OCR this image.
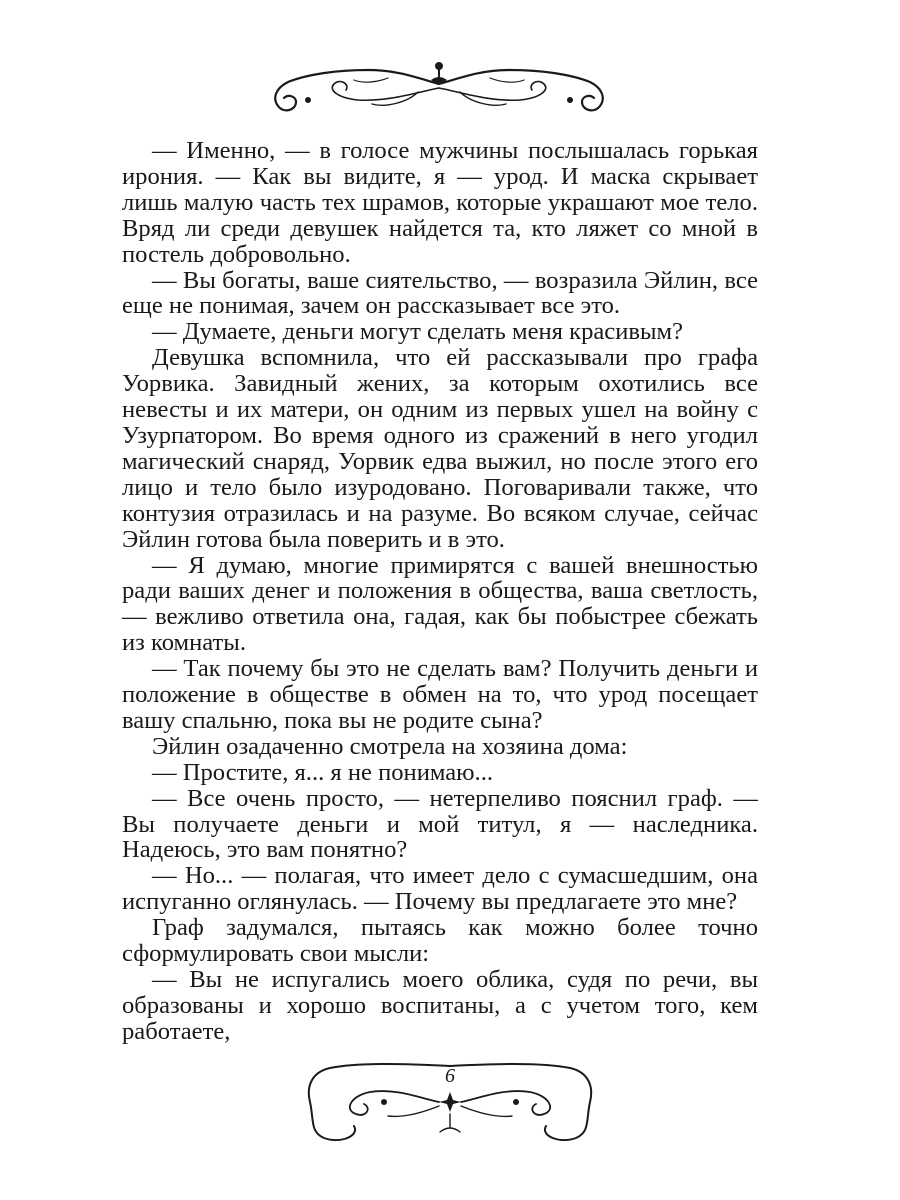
— Именно, — в голосе мужчины послышалась горькая ирония. — Как вы видите, я — урод. И маска скрывает лишь малую часть тех шрамов, которые украшают мое тело. Вряд ли среди девушек найдется та, кто ляжет со мной в постель добровольно.

— Вы богаты, ваше сиятельство, — возразила Эйлин, все еще не понимая, зачем он рассказывает все это.

— Думаете, деньги могут сделать меня красивым?

Девушка вспомнила, что ей рассказывали про графа Уорвика. Завидный жених, за которым охотились все невесты и их матери, он одним из первых ушел на войну с Узурпатором. Во время одного из сражений в него угодил магический снаряд, Уорвик едва выжил, но после этого его лицо и тело было изуродовано. Поговаривали также, что контузия отразилась и на разуме. Во всяком случае, сейчас Эйлин готова была поверить и в это.

— Я думаю, многие примирятся с вашей внешностью ради ваших денег и положения в общества, ваша светлость, — вежливо ответила она, гадая, как бы побыстрее сбежать из комнаты.

— Так почему бы это не сделать вам? Получить деньги и положение в обществе в обмен на то, что урод посещает вашу спальню, пока вы не родите сына?

Эйлин озадаченно смотрела на хозяина дома:

— Простите, я... я не понимаю...

— Все очень просто, — нетерпеливо пояснил граф. — Вы получаете деньги и мой титул, я — наследника. Надеюсь, это вам понятно?

— Но... — полагая, что имеет дело с сумасшедшим, она испуганно оглянулась. — Почему вы предлагаете это мне?

Граф задумался, пытаясь как можно более точно сформулировать свои мысли:

— Вы не испугались моего облика, судя по речи, вы образованы и хорошо воспитаны, а с учетом того, кем работаете,

6
